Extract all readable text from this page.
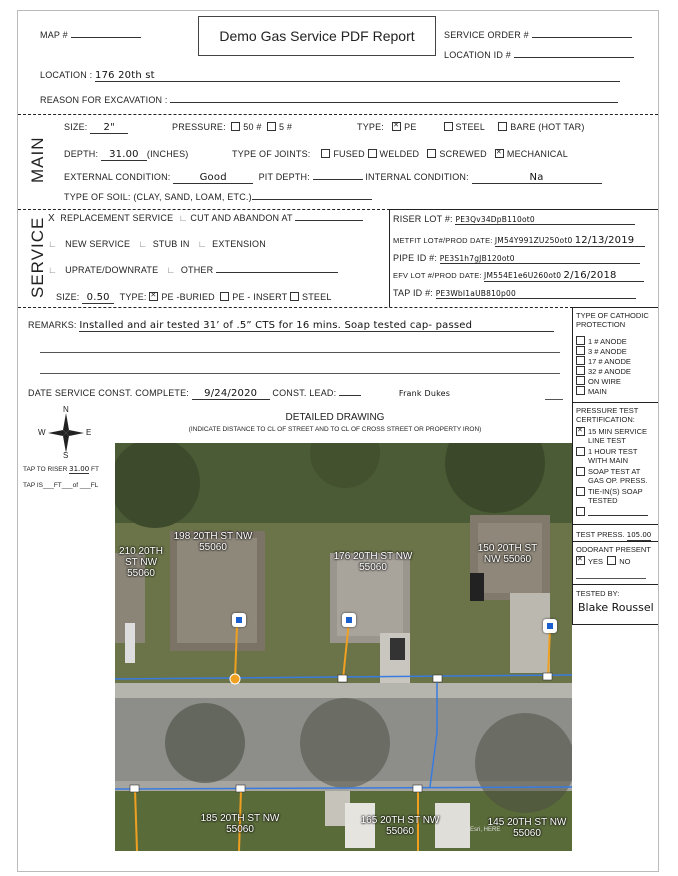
MAP #	Demo Gas Service PDF Report	SERVICE ORDER #
LOCATION ID #
LOCATION : 176 20th st
REASON FOR EXCAVATION :
MAIN
SIZE: 2"	PRESSURE: 50 # 5 #	TYPE: ✕ PE	STEEL	BARE (HOT TAR)
DEPTH: 31.00 (INCHES)	TYPE OF JOINTS:	FUSED WELDED SCREWED ✕ MECHANICAL
EXTERNAL CONDITION:	Good	PIT DEPTH:	INTERNAL CONDITION:	Na
TYPE OF SOIL: (CLAY, SAND, LOAM, ETC.)
SERVICE X REPLACEMENT SERVICE ∟ CUT AND ABANDON AT
∟ NEW SERVICE ∟ STUB IN ∟ EXTENSION
∟ UPRATE/DOWNRATE ∟ OTHER
SIZE: 0.50 TYPE: ✕ PE -BURIED PE - INSERT STEEL
RISER LOT #: PE3Qv34DpB110ot0
METFIT LOT#/PROD DATE: JM54Y991ZU250ot0 12/13/2019
PIPE ID #: PE3S1h7gJB120ot0
EFV LOT #/PROD DATE: JM554E1e6U260ot0 2/16/2018
TAP ID #: PE3WbI1aUB810p00
REMARKS: Installed and air tested 31’ of .5” CTS for 16 mins. Soap tested cap- passed
DATE SERVICE CONST. COMPLETE: 9/24/2020 CONST. LEAD:	Frank Dukes
TYPE OF CATHODIC PROTECTION
1 # ANODE
3 # ANODE
17 # ANODE
32 # ANODE
ON WIRE
MAIN
PRESSURE TEST CERTIFICATION:
✕
15 MIN SERVICE LINE TEST
1 HOUR TEST WITH MAIN
SOAP TEST AT GAS OP. PRESS.
TIE-IN(S) SOAP TESTED
TEST PRESS. 105.00
ODORANT PRESENT
✕YES NO
TESTED BY:
Blake Roussel
DETAILED DRAWING
(INDICATE DISTANCE TO CL OF STREET AND TO CL OF CROSS STREET OR PROPERTY IRON)
N
S
W	E
TAP TO RISER 31.00 FT
TAP IS___FT___of ___FL
198 20TH ST NW 55060
210 20TH ST NW 55060
176 20TH ST NW 55060
150 20TH ST NW 55060
185 20TH ST NW 55060
165 20TH ST NW 55060
145 20TH ST NW 55060
Esri, HERE
